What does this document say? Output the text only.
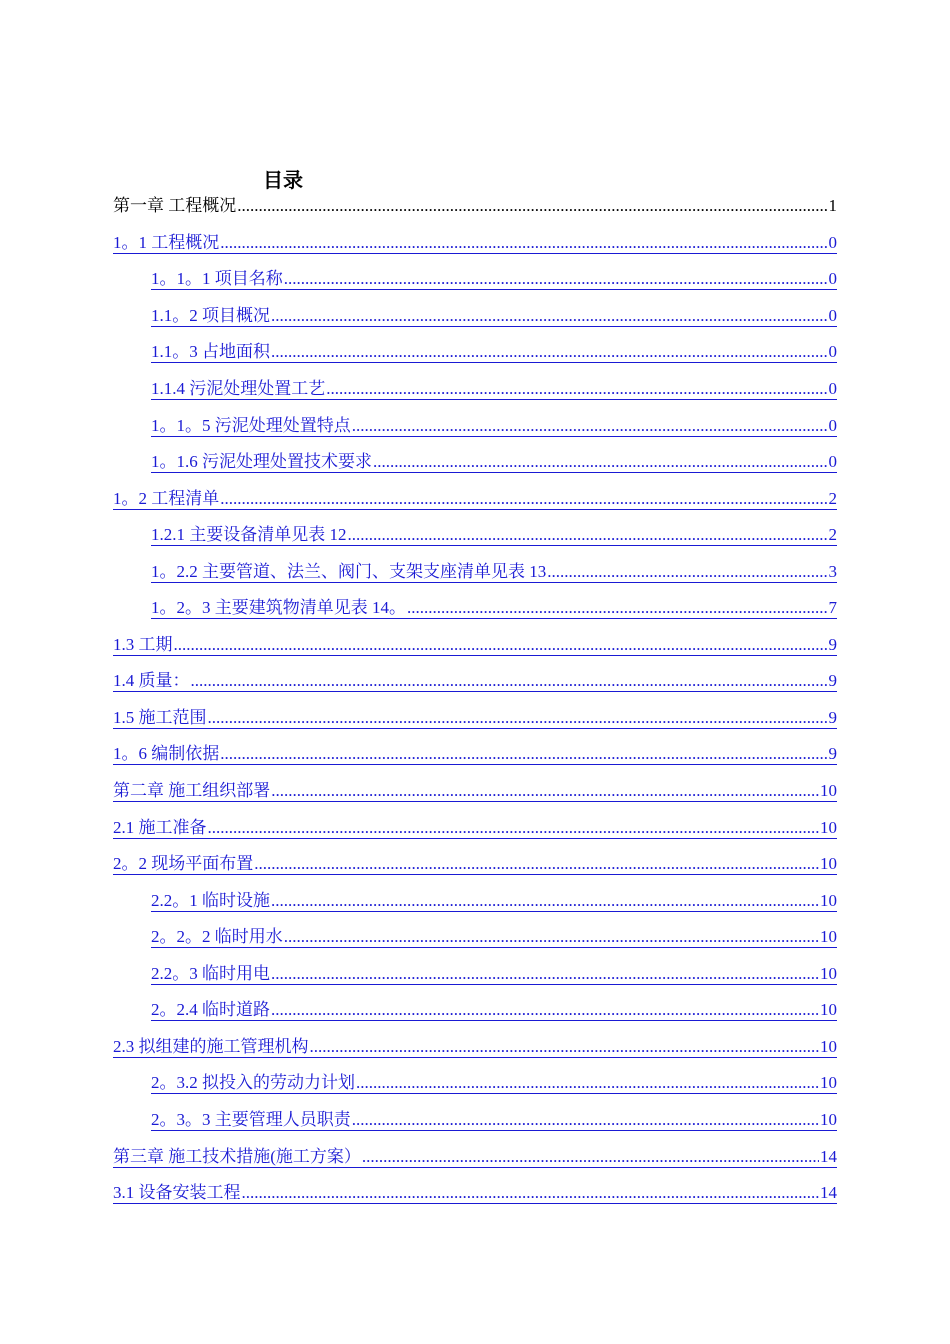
目录
第一章 工程概况 .....	1
1。1 工程概况 .....	0
1。1。1 项目名称 .....	0
1.1。2 项目概况 .....	0
1.1。3 占地面积 .....	0
1.1.4 污泥处理处置工艺 .....	0
1。1。5 污泥处理处置特点 .....	0
1。1.6 污泥处理处置技术要求 .....	0
1。2 工程清单 .....	2
1.2.1 主要设备清单见表 12 .....	2
1。2.2 主要管道、法兰、阀门、支架支座清单见表 13 .....	3
1。2。3 主要建筑物清单见表 14。 .....	7
1.3 工期 .....	9
1.4 质量： .....	9
1.5 施工范围 .....	9
1。6 编制依据 .....	9
第二章 施工组织部署 .....	10
2.1 施工准备 .....	10
2。2 现场平面布置 .....	10
2.2。1 临时设施 .....	10
2。2。2 临时用水 .....	10
2.2。3 临时用电 .....	10
2。2.4 临时道路 .....	10
2.3 拟组建的施工管理机构 .....	10
2。3.2 拟投入的劳动力计划 .....	10
2。3。3 主要管理人员职责 .....	10
第三章 施工技术措施(施工方案） .....	14
3.1 设备安装工程 .....	14
